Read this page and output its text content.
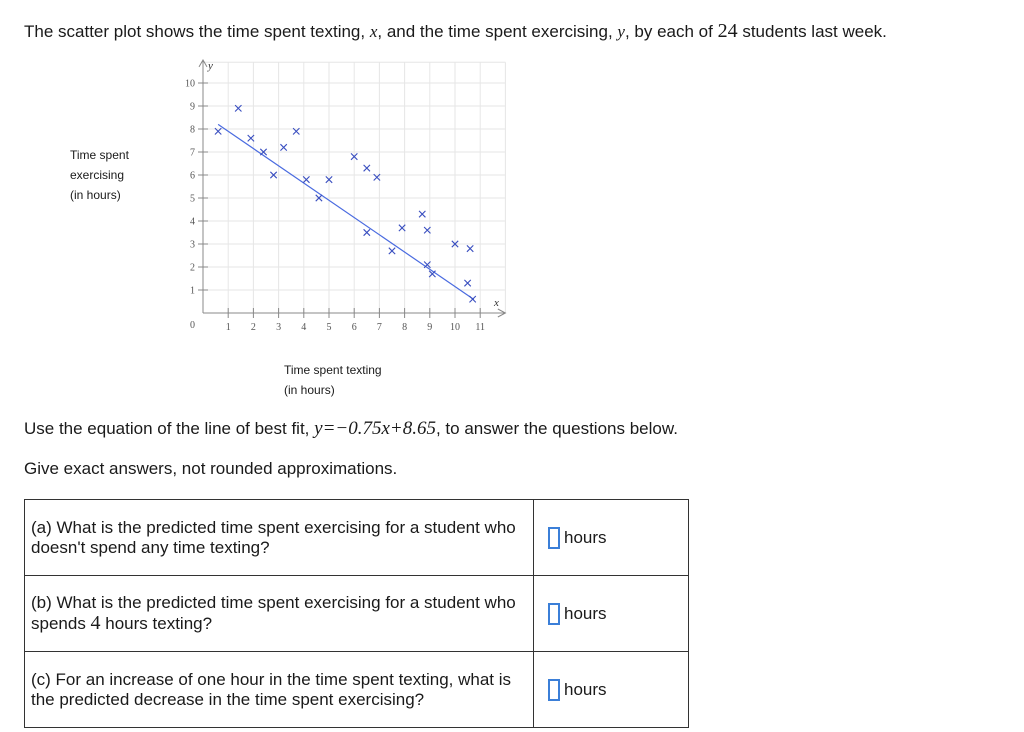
The scatter plot shows the time spent texting, x, and the time spent exercising, y, by each of 24 students last week.
y
x
1 2 3 4 5 6 7 8 9 10 11
1
2
3
4
5
6
7
8
9
10
0
Time spent
exercising
(in hours)
Time spent texting
(in hours)
Use the equation of the line of best fit, y=−0.75x+8.65, to answer the questions below.
Give exact answers, not rounded approximations.
(a) What is the predicted time spent exercising for a student who doesn't spend any time texting?	hours
(b) What is the predicted time spent exercising for a student who spends 4 hours texting?	hours
(c) For an increase of one hour in the time spent texting, what is the predicted decrease in the time spent exercising?	hours
